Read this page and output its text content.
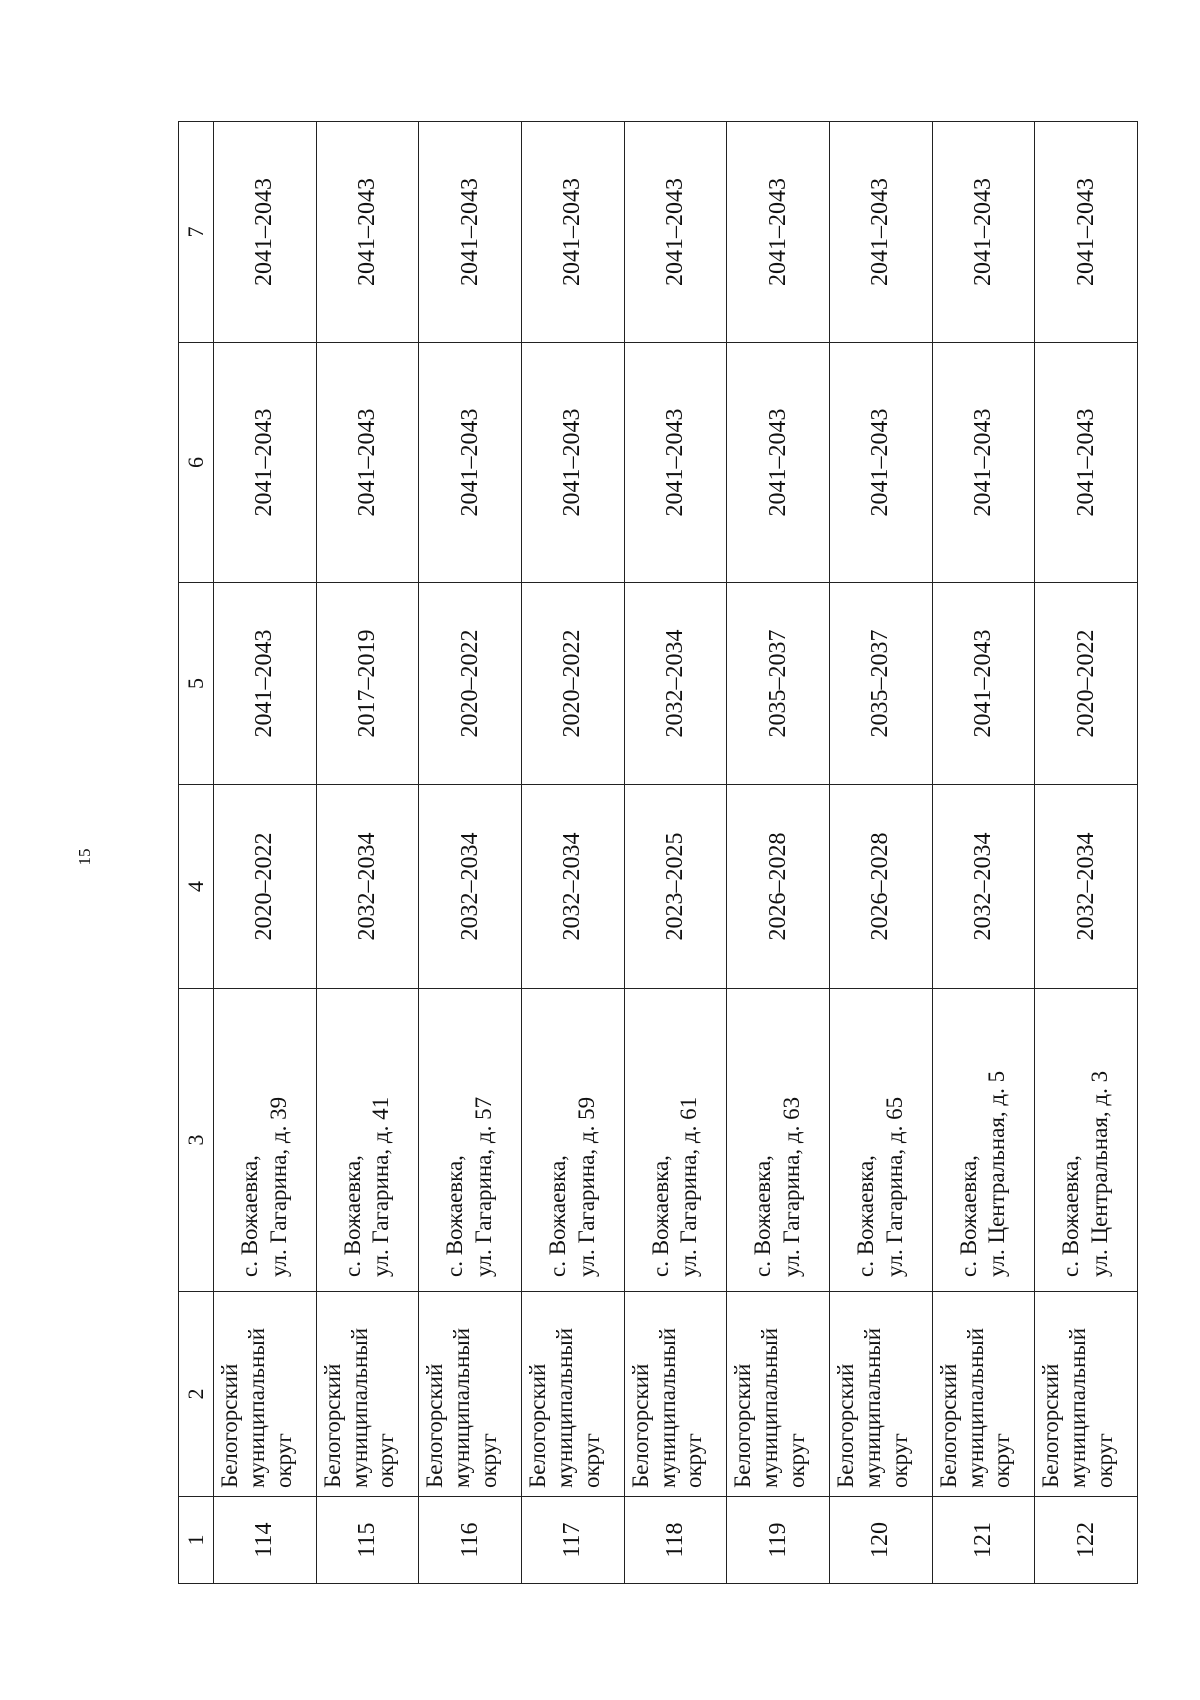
15
1	2	3	4	5	6	7
114	Белогорский муниципальный округ	с. Вожаевка, ул. Гагарина, д. 39	2020–2022	2041–2043	2041–2043	2041–2043
115	Белогорский муниципальный округ	с. Вожаевка, ул. Гагарина, д. 41	2032–2034	2017–2019	2041–2043	2041–2043
116	Белогорский муниципальный округ	с. Вожаевка, ул. Гагарина, д. 57	2032–2034	2020–2022	2041–2043	2041–2043
117	Белогорский муниципальный округ	с. Вожаевка, ул. Гагарина, д. 59	2032–2034	2020–2022	2041–2043	2041–2043
118	Белогорский муниципальный округ	с. Вожаевка, ул. Гагарина, д. 61	2023–2025	2032–2034	2041–2043	2041–2043
119	Белогорский муниципальный округ	с. Вожаевка, ул. Гагарина, д. 63	2026–2028	2035–2037	2041–2043	2041–2043
120	Белогорский муниципальный округ	с. Вожаевка, ул. Гагарина, д. 65	2026–2028	2035–2037	2041–2043	2041–2043
121	Белогорский муниципальный округ	с. Вожаевка, ул. Центральная, д. 5	2032–2034	2041–2043	2041–2043	2041–2043
122	Белогорский муниципальный округ	с. Вожаевка, ул. Центральная, д. 3	2032–2034	2020–2022	2041–2043	2041–2043
